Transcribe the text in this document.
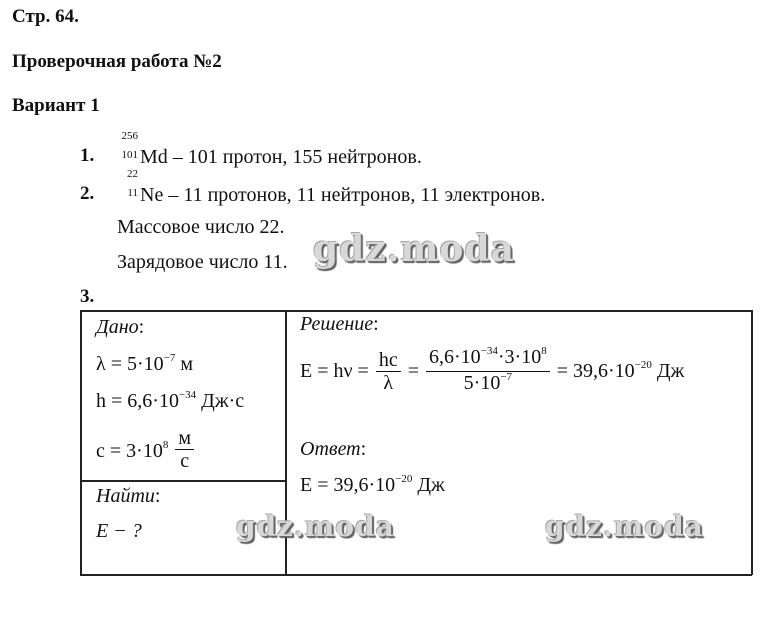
Стр. 64.
Проверочная работа №2
Вариант 1
1.
256
101 Md – 101 протон, 155 нейтронов.
2.
22
11 Ne – 11 протонов, 11 нейтронов, 11 электронов.
Массовое число 22.
Зарядовое число 11.
3.
Дано:
$\lambda = 5\cdot 10^{-7}$ м
$h = 6,6\cdot 10^{-34}$ Дж·с
$c = 3\cdot 10^8 \frac{м}{с}$
Найти:
E − ?
Решение:
$E = h\nu = \frac{hc}{\lambda} = \frac{6,6\cdot 10^{-34}\cdot 3\cdot 10^8}{5\cdot 10^{-7}} = 39,6\cdot 10^{-20}$ Дж
Ответ:
$E = 39,6\cdot 10^{-20}$ Дж
gdz.moda
gdz.moda	gdz.moda
